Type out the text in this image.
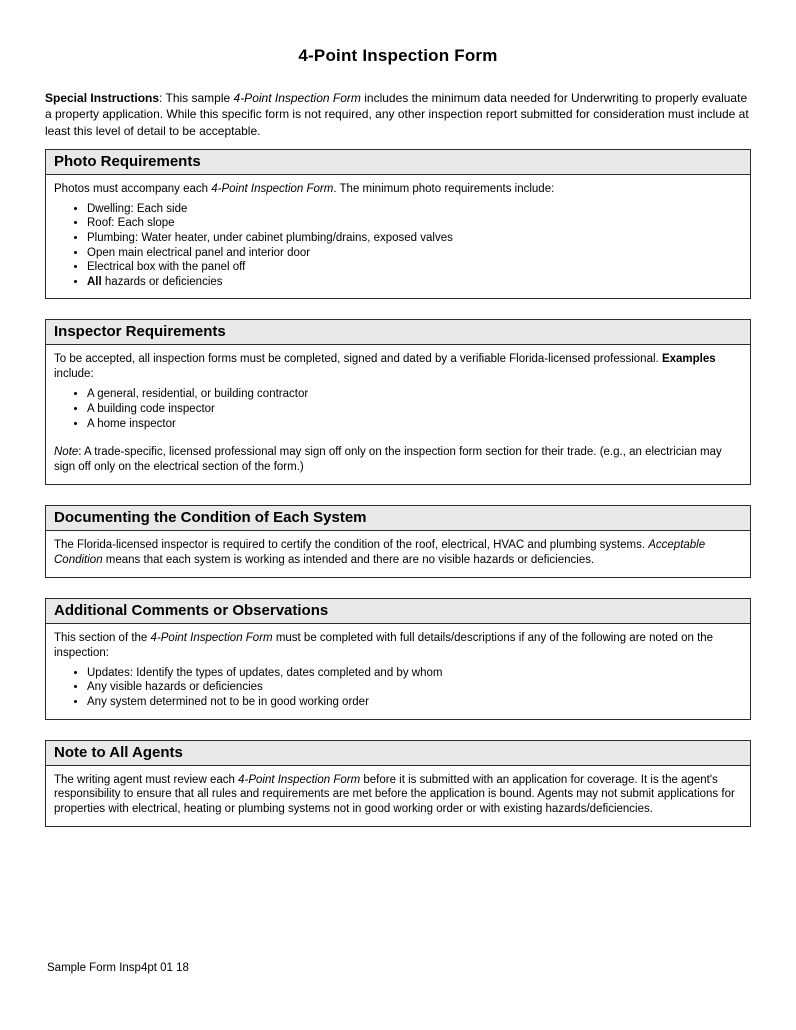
4-Point Inspection Form

Special Instructions: This sample 4-Point Inspection Form includes the minimum data needed for Underwriting to properly evaluate a property application. While this specific form is not required, any other inspection report submitted for consideration must include at least this level of detail to be acceptable.

Photo Requirements

Photos must accompany each 4-Point Inspection Form. The minimum photo requirements include:

• Dwelling: Each side
• Roof: Each slope
• Plumbing: Water heater, under cabinet plumbing/drains, exposed valves
• Open main electrical panel and interior door
• Electrical box with the panel off
• All hazards or deficiencies
Inspector Requirements

To be accepted, all inspection forms must be completed, signed and dated by a verifiable Florida-licensed professional. Examples include:

• A general, residential, or building contractor
• A building code inspector
• A home inspector

Note: A trade-specific, licensed professional may sign off only on the inspection form section for their trade. (e.g., an electrician may sign off only on the electrical section of the form.)

Documenting the Condition of Each System

The Florida-licensed inspector is required to certify the condition of the roof, electrical, HVAC and plumbing systems. Acceptable Condition means that each system is working as intended and there are no visible hazards or deficiencies.

Additional Comments or Observations

This section of the 4-Point Inspection Form must be completed with full details/descriptions if any of the following are noted on the inspection:

• Updates: Identify the types of updates, dates completed and by whom
• Any visible hazards or deficiencies
• Any system determined not to be in good working order
Note to All Agents

The writing agent must review each 4-Point Inspection Form before it is submitted with an application for coverage. It is the agent's responsibility to ensure that all rules and requirements are met before the application is bound. Agents may not submit applications for properties with electrical, heating or plumbing systems not in good working order or with existing hazards/deficiencies.

Sample Form Insp4pt 01 18
